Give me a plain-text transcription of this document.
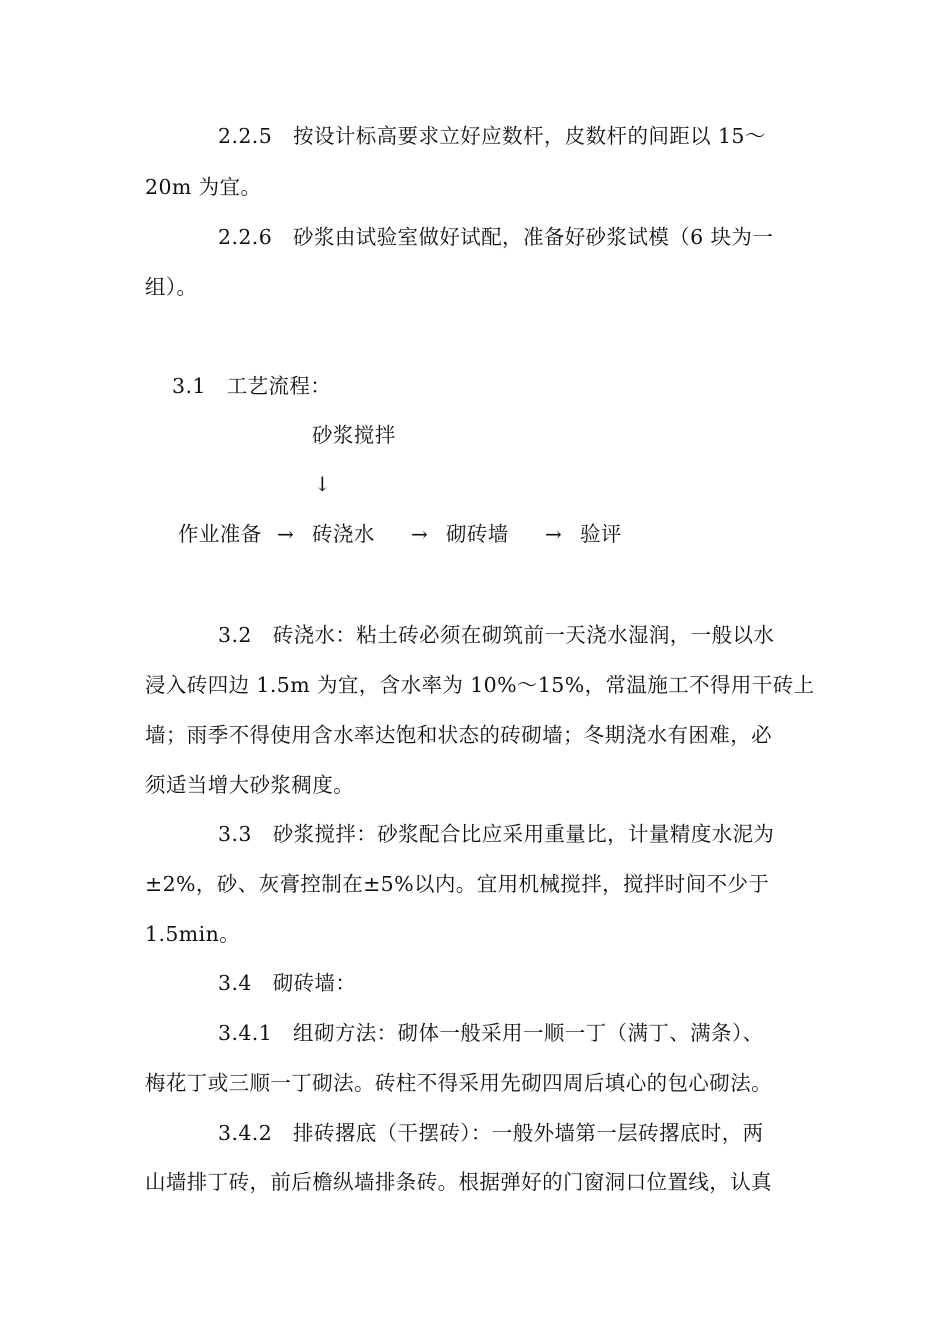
2.2.5　按设计标高要求立好应数杆，皮数杆的间距以 15～
20m 为宜。
2.2.6　砂浆由试验室做好试配，准备好砂浆试模（6 块为一
组）。
3.1　工艺流程：
砂浆搅拌
↓
作业准备 → 砖浇水 → 砌砖墙 → 验评
3.2　砖浇水：粘土砖必须在砌筑前一天浇水湿润，一般以水
浸入砖四边 1.5m 为宜，含水率为 10%～15%，常温施工不得用干砖上
墙；雨季不得使用含水率达饱和状态的砖砌墙；冬期浇水有困难，必
须适当增大砂浆稠度。
3.3　砂浆搅拌：砂浆配合比应采用重量比，计量精度水泥为
±2%，砂、灰膏控制在±5%以内。宜用机械搅拌，搅拌时间不少于
1.5min。
3.4　砌砖墙：
3.4.1　组砌方法：砌体一般采用一顺一丁（满丁、满条）、
梅花丁或三顺一丁砌法。砖柱不得采用先砌四周后填心的包心砌法。
3.4.2　排砖撂底（干摆砖）：一般外墙第一层砖撂底时，两
山墙排丁砖，前后檐纵墙排条砖。根据弹好的门窗洞口位置线，认真
